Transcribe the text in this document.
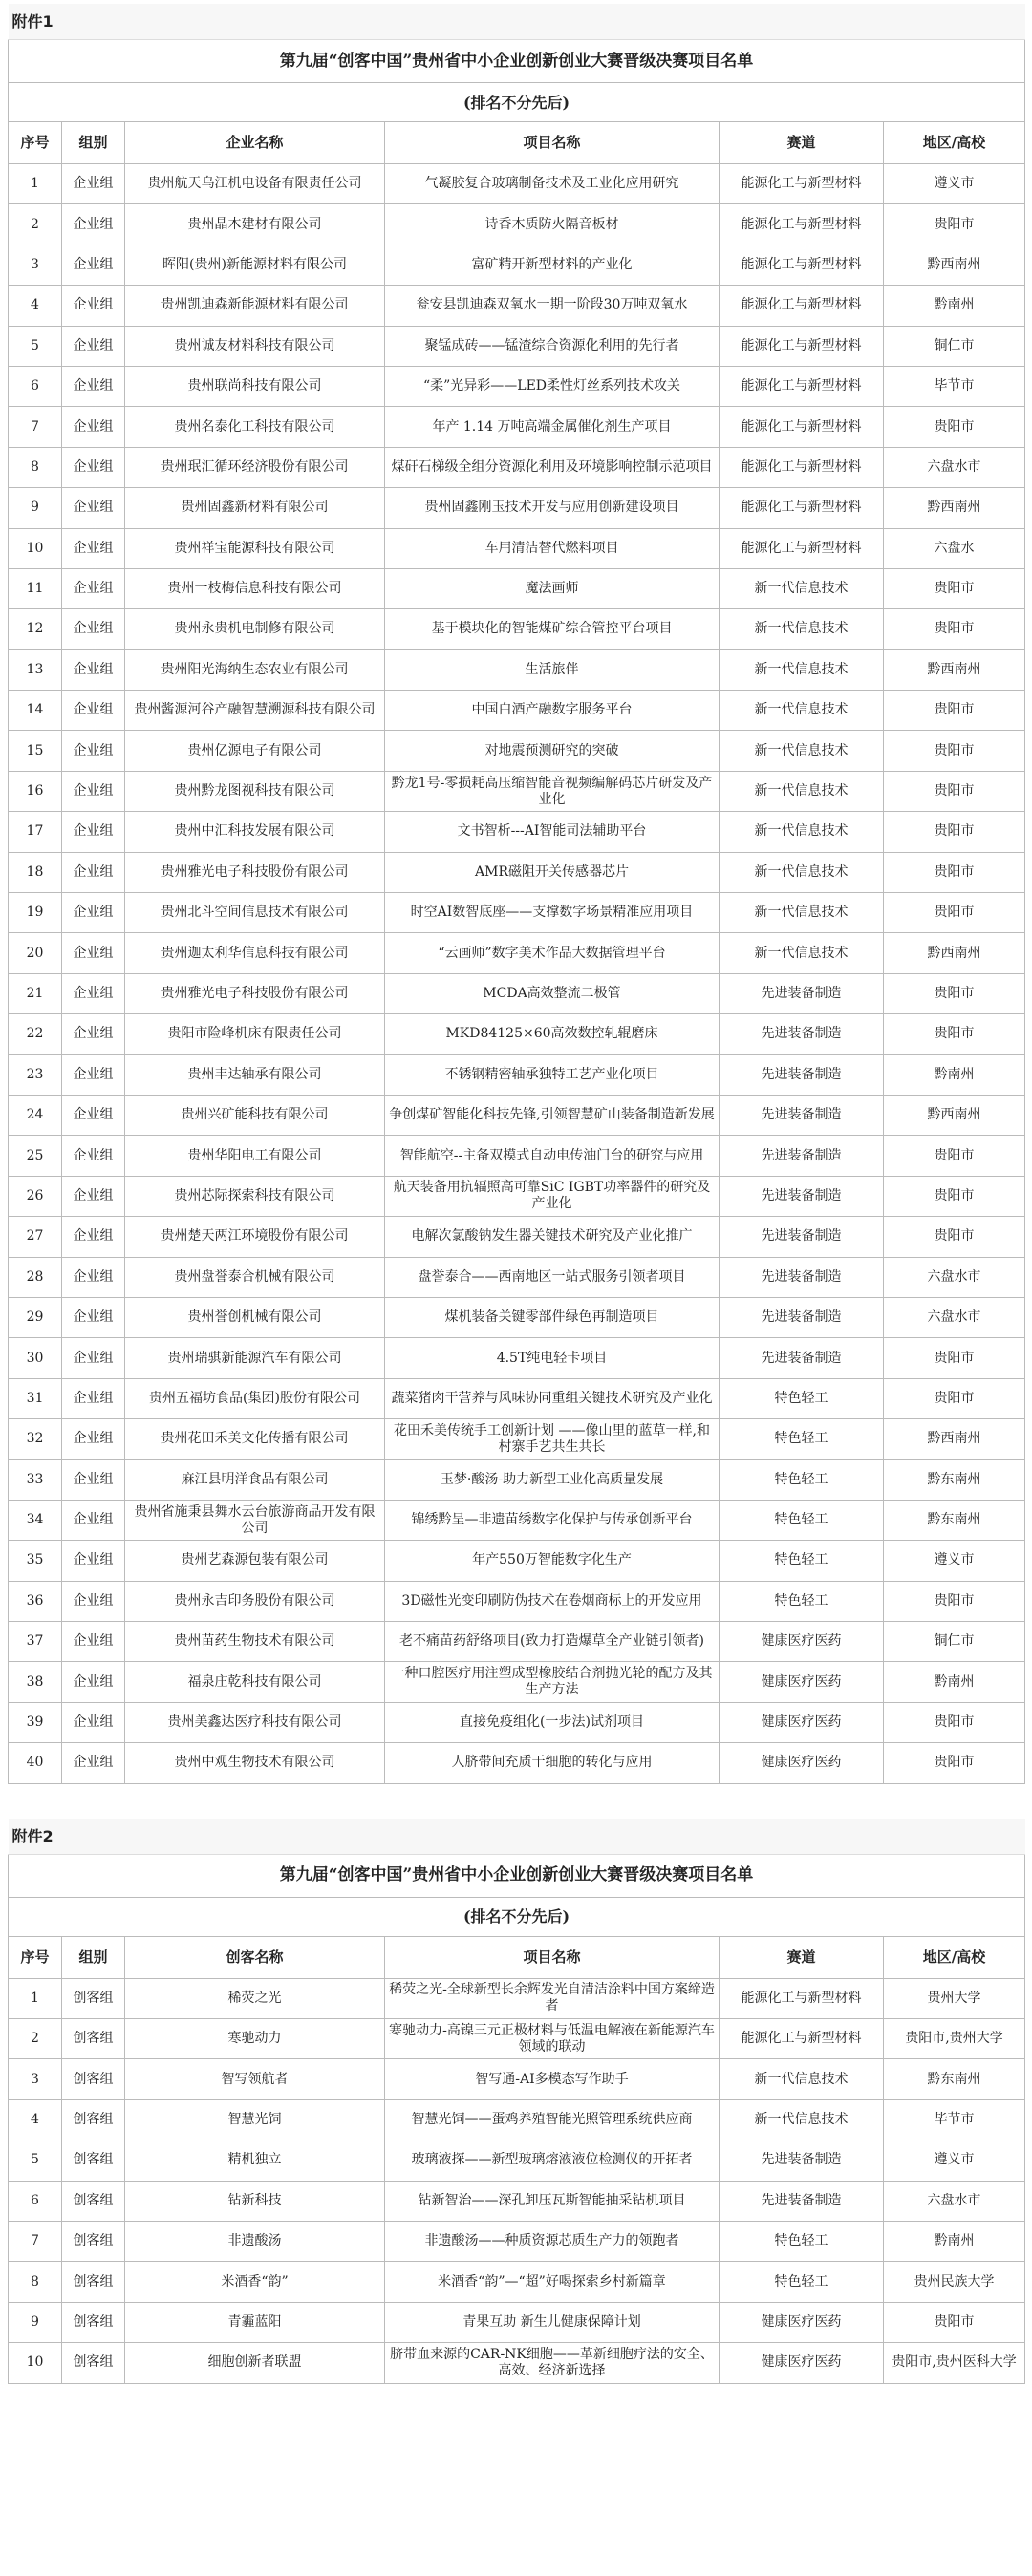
附件1					
第九届“创客中国”贵州省中小企业创新创业大赛晋级决赛项目名单					
(排名不分先后)					
序号	组别	企业名称	项目名称	赛道	地区/高校
1	企业组	贵州航天乌江机电设备有限责任公司	气凝胶复合玻璃制备技术及工业化应用研究	能源化工与新型材料	遵义市
2	企业组	贵州晶木建材有限公司	诗香木质防火隔音板材	能源化工与新型材料	贵阳市
3	企业组	晖阳(贵州)新能源材料有限公司	富矿精开新型材料的产业化	能源化工与新型材料	黔西南州
4	企业组	贵州凯迪森新能源材料有限公司	瓮安县凯迪森双氧水一期一阶段30万吨双氧水	能源化工与新型材料	黔南州
5	企业组	贵州诚友材料科技有限公司	聚锰成砖——锰渣综合资源化利用的先行者	能源化工与新型材料	铜仁市
6	企业组	贵州联尚科技有限公司	“柔”光异彩——LED柔性灯丝系列技术攻关	能源化工与新型材料	毕节市
7	企业组	贵州名泰化工科技有限公司	年产 1.14 万吨高端金属催化剂生产项目	能源化工与新型材料	贵阳市
8	企业组	贵州珉汇循环经济股份有限公司	煤矸石梯级全组分资源化利用及环境影响控制示范项目	能源化工与新型材料	六盘水市
9	企业组	贵州固鑫新材料有限公司	贵州固鑫刚玉技术开发与应用创新建设项目	能源化工与新型材料	黔西南州
10	企业组	贵州祥宝能源科技有限公司	车用清洁替代燃料项目	能源化工与新型材料	六盘水
11	企业组	贵州一枝梅信息科技有限公司	魔法画师	新一代信息技术	贵阳市
12	企业组	贵州永贵机电制修有限公司	基于模块化的智能煤矿综合管控平台项目	新一代信息技术	贵阳市
13	企业组	贵州阳光海纳生态农业有限公司	生活旅伴	新一代信息技术	黔西南州
14	企业组	贵州酱源河谷产融智慧溯源科技有限公司	中国白酒产融数字服务平台	新一代信息技术	贵阳市
15	企业组	贵州亿源电子有限公司	对地震预测研究的突破	新一代信息技术	贵阳市
16	企业组	贵州黔龙图视科技有限公司	黔龙1号-零损耗高压缩智能音视频编解码芯片研发及产业化	新一代信息技术	贵阳市
17	企业组	贵州中汇科技发展有限公司	文书智析---AI智能司法辅助平台	新一代信息技术	贵阳市
18	企业组	贵州雅光电子科技股份有限公司	AMR磁阻开关传感器芯片	新一代信息技术	贵阳市
19	企业组	贵州北斗空间信息技术有限公司	时空AI数智底座——支撑数字场景精准应用项目	新一代信息技术	贵阳市
20	企业组	贵州迦太利华信息科技有限公司	“云画师”数字美术作品大数据管理平台	新一代信息技术	黔西南州
21	企业组	贵州雅光电子科技股份有限公司	MCDA高效整流二极管	先进装备制造	贵阳市
22	企业组	贵阳市险峰机床有限责任公司	MKD84125×60高效数控轧辊磨床	先进装备制造	贵阳市
23	企业组	贵州丰达轴承有限公司	不锈钢精密轴承独特工艺产业化项目	先进装备制造	黔南州
24	企业组	贵州兴矿能科技有限公司	争创煤矿智能化科技先锋,引领智慧矿山装备制造新发展	先进装备制造	黔西南州
25	企业组	贵州华阳电工有限公司	智能航空--主备双模式自动电传油门台的研究与应用	先进装备制造	贵阳市
26	企业组	贵州芯际探索科技有限公司	航天装备用抗辐照高可靠SiC IGBT功率器件的研究及产业化	先进装备制造	贵阳市
27	企业组	贵州楚天两江环境股份有限公司	电解次氯酸钠发生器关键技术研究及产业化推广	先进装备制造	贵阳市
28	企业组	贵州盘誉泰合机械有限公司	盘誉泰合——西南地区一站式服务引领者项目	先进装备制造	六盘水市
29	企业组	贵州誉创机械有限公司	煤机装备关键零部件绿色再制造项目	先进装备制造	六盘水市
30	企业组	贵州瑞骐新能源汽车有限公司	4.5T纯电轻卡项目	先进装备制造	贵阳市
31	企业组	贵州五福坊食品(集团)股份有限公司	蔬菜猪肉干营养与风味协同重组关键技术研究及产业化	特色轻工	贵阳市
32	企业组	贵州花田禾美文化传播有限公司	花田禾美传统手工创新计划 ——像山里的蓝草一样,和村寨手艺共生共长	特色轻工	黔西南州
33	企业组	麻江县明洋食品有限公司	玉梦·酸汤-助力新型工业化高质量发展	特色轻工	黔东南州
34	企业组	贵州省施秉县舞水云台旅游商品开发有限公司	锦绣黔呈—非遗苗绣数字化保护与传承创新平台	特色轻工	黔东南州
35	企业组	贵州艺森源包装有限公司	年产550万智能数字化生产	特色轻工	遵义市
36	企业组	贵州永吉印务股份有限公司	3D磁性光变印刷防伪技术在卷烟商标上的开发应用	特色轻工	贵阳市
37	企业组	贵州苗药生物技术有限公司	老不痛苗药舒络项目(致力打造爆草全产业链引领者)	健康医疗医药	铜仁市
38	企业组	福泉庄乾科技有限公司	一种口腔医疗用注塑成型橡胶结合剂抛光轮的配方及其生产方法	健康医疗医药	黔南州
39	企业组	贵州美鑫达医疗科技有限公司	直接免疫组化(一步法)试剂项目	健康医疗医药	贵阳市
40	企业组	贵州中观生物技术有限公司	人脐带间充质干细胞的转化与应用	健康医疗医药	贵阳市
附件2					
第九届“创客中国”贵州省中小企业创新创业大赛晋级决赛项目名单					
(排名不分先后)					
序号	组别	创客名称	项目名称	赛道	地区/高校
1	创客组	稀荧之光	稀荧之光-全球新型长余辉发光自清洁涂料中国方案缔造者	能源化工与新型材料	贵州大学
2	创客组	寒驰动力	寒驰动力-高镍三元正极材料与低温电解液在新能源汽车领域的联动	能源化工与新型材料	贵阳市,贵州大学
3	创客组	智写领航者	智写通-AI多模态写作助手	新一代信息技术	黔东南州
4	创客组	智慧光饲	智慧光饲——蛋鸡养殖智能光照管理系统供应商	新一代信息技术	毕节市
5	创客组	精机独立	玻璃液探——新型玻璃熔液液位检测仪的开拓者	先进装备制造	遵义市
6	创客组	钻新科技	钻新智治——深孔卸压瓦斯智能抽采钻机项目	先进装备制造	六盘水市
7	创客组	非遗酸汤	非遗酸汤——种质资源芯质生产力的领跑者	特色轻工	黔南州
8	创客组	米酒香“韵”	米酒香“韵”—“超”好喝探索乡村新篇章	特色轻工	贵州民族大学
9	创客组	青霾蓝阳	青果互助 新生儿健康保障计划	健康医疗医药	贵阳市
10	创客组	细胞创新者联盟	脐带血来源的CAR-NK细胞——革新细胞疗法的安全、高效、经济新选择	健康医疗医药	贵阳市,贵州医科大学
